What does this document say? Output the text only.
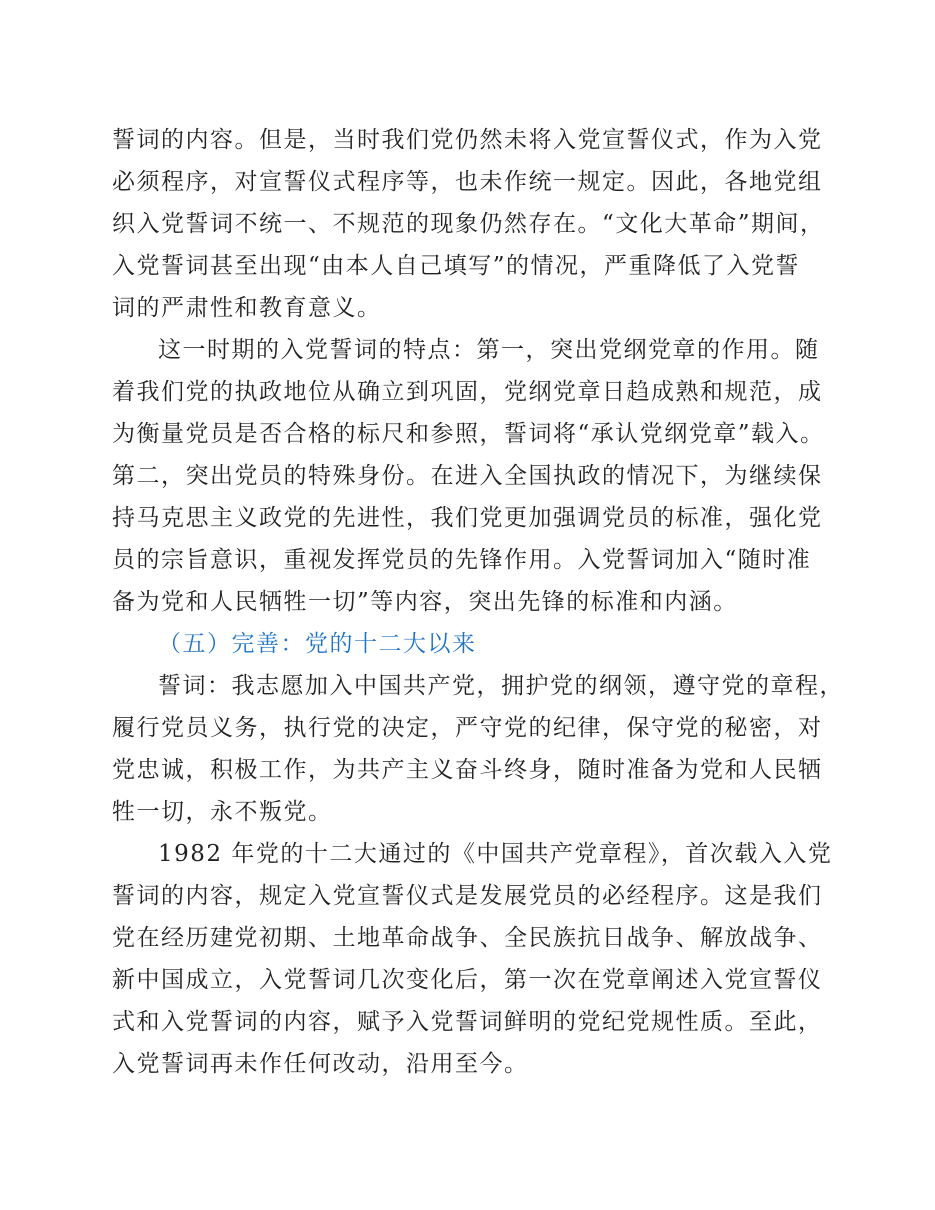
誓词的内容。但是，当时我们党仍然未将入党宣誓仪式，作为入党
必须程序，对宣誓仪式程序等，也未作统一规定。因此，各地党组
织入党誓词不统一、不规范的现象仍然存在。“文化大革命”期间，
入党誓词甚至出现“由本人自己填写”的情况，严重降低了入党誓
词的严肃性和教育意义。
这一时期的入党誓词的特点：第一，突出党纲党章的作用。随
着我们党的执政地位从确立到巩固，党纲党章日趋成熟和规范，成
为衡量党员是否合格的标尺和参照，誓词将“承认党纲党章”载入。
第二，突出党员的特殊身份。在进入全国执政的情况下，为继续保
持马克思主义政党的先进性，我们党更加强调党员的标准，强化党
员的宗旨意识，重视发挥党员的先锋作用。入党誓词加入“随时准
备为党和人民牺牲一切”等内容，突出先锋的标准和内涵。
（五）完善：党的十二大以来
誓词：我志愿加入中国共产党，拥护党的纲领，遵守党的章程，
履行党员义务，执行党的决定，严守党的纪律，保守党的秘密，对
党忠诚，积极工作，为共产主义奋斗终身，随时准备为党和人民牺
牲一切，永不叛党。
1982 年党的十二大通过的《中国共产党章程》，首次载入入党
誓词的内容，规定入党宣誓仪式是发展党员的必经程序。这是我们
党在经历建党初期、土地革命战争、全民族抗日战争、解放战争、
新中国成立，入党誓词几次变化后，第一次在党章阐述入党宣誓仪
式和入党誓词的内容，赋予入党誓词鲜明的党纪党规性质。至此，
入党誓词再未作任何改动，沿用至今。
